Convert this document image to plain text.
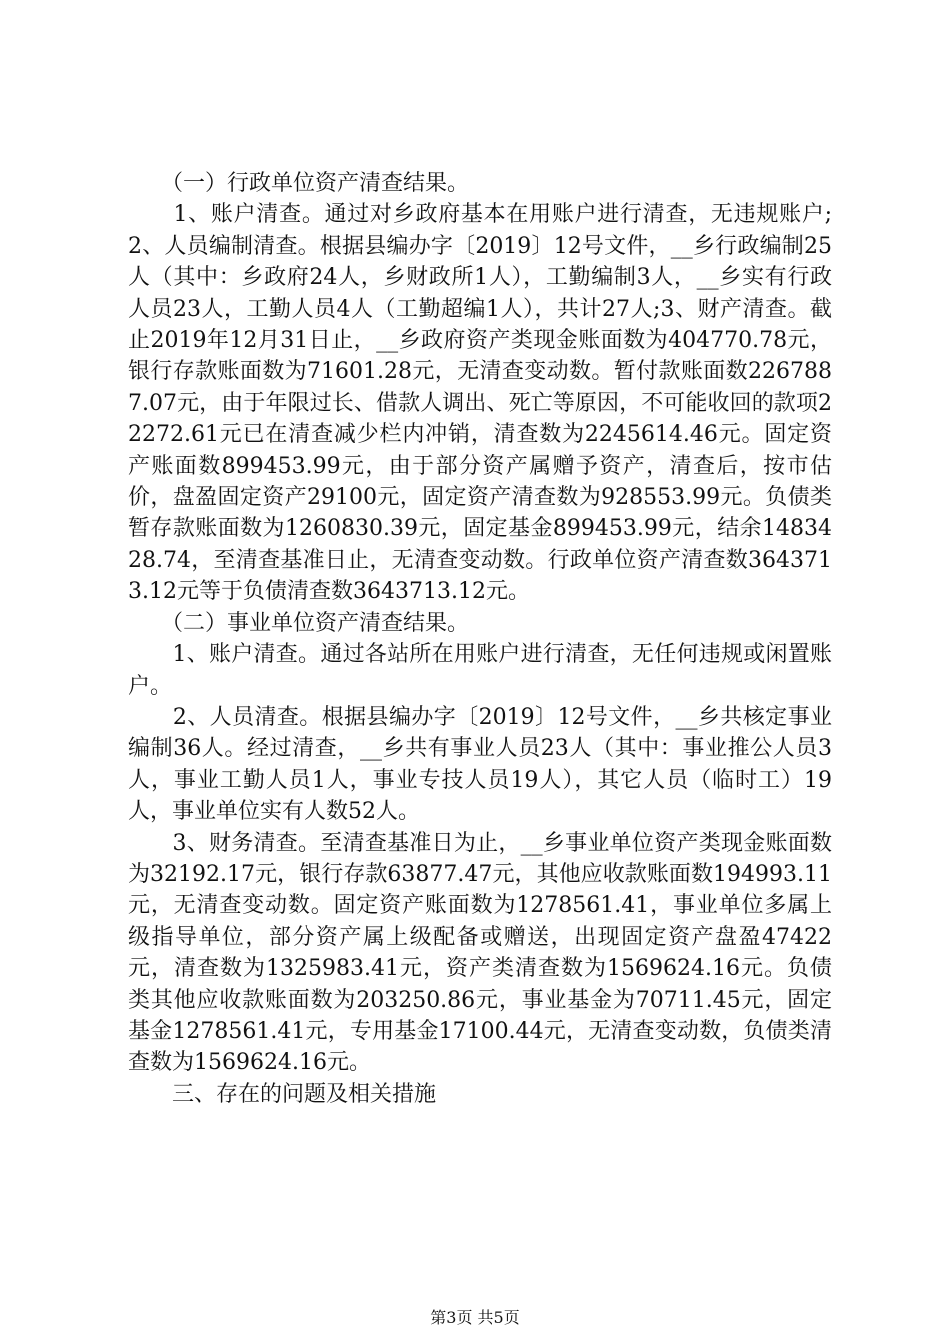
　　（一）行政单位资产清查结果。

　　1、账户清查。通过对乡政府基本在用账户进行清查，无违规账户;2、人员编制清查。根据县编办字〔2019〕12号文件，__乡行政编制25人（其中：乡政府24人，乡财政所1人），工勤编制3人，__乡实有行政人员23人，工勤人员4人（工勤超编1人），共计27人;3、财产清查。截止2019年12月31日止，__乡政府资产类现金账面数为404770.78元，银行存款账面数为71601.28元，无清查变动数。暂付款账面数2267887.07元，由于年限过长、借款人调出、死亡等原因，不可能收回的款项22272.61元已在清查减少栏内冲销，清查数为2245614.46元。固定资产账面数899453.99元，由于部分资产属赠予资产，清查后，按市估价，盘盈固定资产29100元，固定资产清查数为928553.99元。负债类暂存款账面数为1260830.39元，固定基金899453.99元，结余1483428.74，至清查基准日止，无清查变动数。行政单位资产清查数3643713.12元等于负债清查数3643713.12元。

　　（二）事业单位资产清查结果。

　　1、账户清查。通过各站所在用账户进行清查，无任何违规或闲置账户。

　　2、人员清查。根据县编办字〔2019〕12号文件，__乡共核定事业编制36人。经过清查，__乡共有事业人员23人（其中：事业推公人员3人，事业工勤人员1人，事业专技人员19人），其它人员（临时工）19人，事业单位实有人数52人。

　　3、财务清查。至清查基准日为止，__乡事业单位资产类现金账面数为32192.17元，银行存款63877.47元，其他应收款账面数194993.11元，无清查变动数。固定资产账面数为1278561.41，事业单位多属上级指导单位，部分资产属上级配备或赠送，出现固定资产盘盈47422元，清查数为1325983.41元，资产类清查数为1569624.16元。负债类其他应收款账面数为203250.86元，事业基金为70711.45元，固定基金1278561.41元，专用基金17100.44元，无清查变动数，负债类清查数为1569624.16元。

　　三、存在的问题及相关措施

第3页 共5页
